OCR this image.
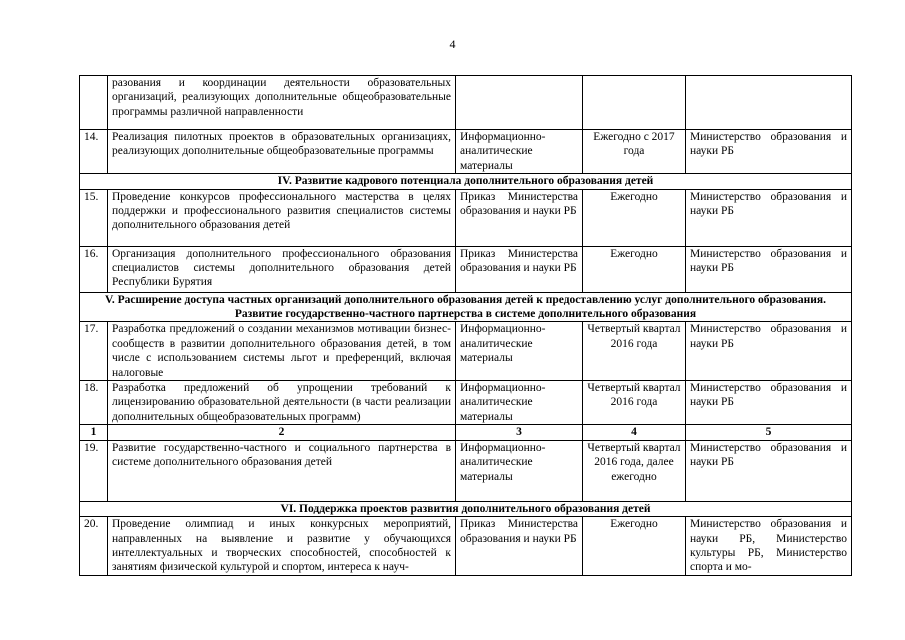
4
	разования и координации деятельности образовательных организаций, реализующих дополнительные общеобразовательные программы различной направленности			
14.	Реализация пилотных проектов в образовательных организациях, реализующих дополнительные общеобразовательные программы	Информационно-аналитические материалы	Ежегодно с 2017 года	Министерство образования и науки РБ
IV. Развитие кадрового потенциала дополнительного образования детей				
15.	Проведение конкурсов профессионального мастерства в целях поддержки и профессионального развития специалистов системы дополнительного образования детей	Приказ Министерства образования и науки РБ	Ежегодно	Министерство образования и науки РБ
16.	Организация дополнительного профессионального образования специалистов системы дополнительного образования детей Республики Бурятия	Приказ Министерства образования и науки РБ	Ежегодно	Министерство образования и науки РБ
V. Расширение доступа частных организаций дополнительного образования детей к предоставлению услуг дополнительного образования. Развитие государственно-частного партнерства в системе дополнительного образования				
17.	Разработка предложений о создании механизмов мотивации бизнес-сообществ в развитии дополнительного образования детей, в том числе с использованием системы льгот и преференций, включая налоговые	Информационно-аналитические материалы	Четвертый квартал 2016 года	Министерство образования и науки РБ
18.	Разработка предложений об упрощении требований к лицензированию образовательной деятельности (в части реализации дополнительных общеобразовательных программ)	Информационно-аналитические материалы	Четвертый квартал 2016 года	Министерство образования и науки РБ
1	2	3	4	5
19.	Развитие государственно-частного и социального партнерства в системе дополнительного образования детей	Информационно-аналитические материалы	Четвертый квартал 2016 года, далее ежегодно	Министерство образования и науки РБ
VI. Поддержка проектов развития дополнительного образования детей				
20.	Проведение олимпиад и иных конкурсных мероприятий, направленных на выявление и развитие у обучающихся интеллектуальных и творческих способностей, способностей к занятиям физической культурой и спортом, интереса к науч-	Приказ Министерства образования и науки РБ	Ежегодно	Министерство образования и науки РБ, Министерство культуры РБ, Министерство спорта и мо-
